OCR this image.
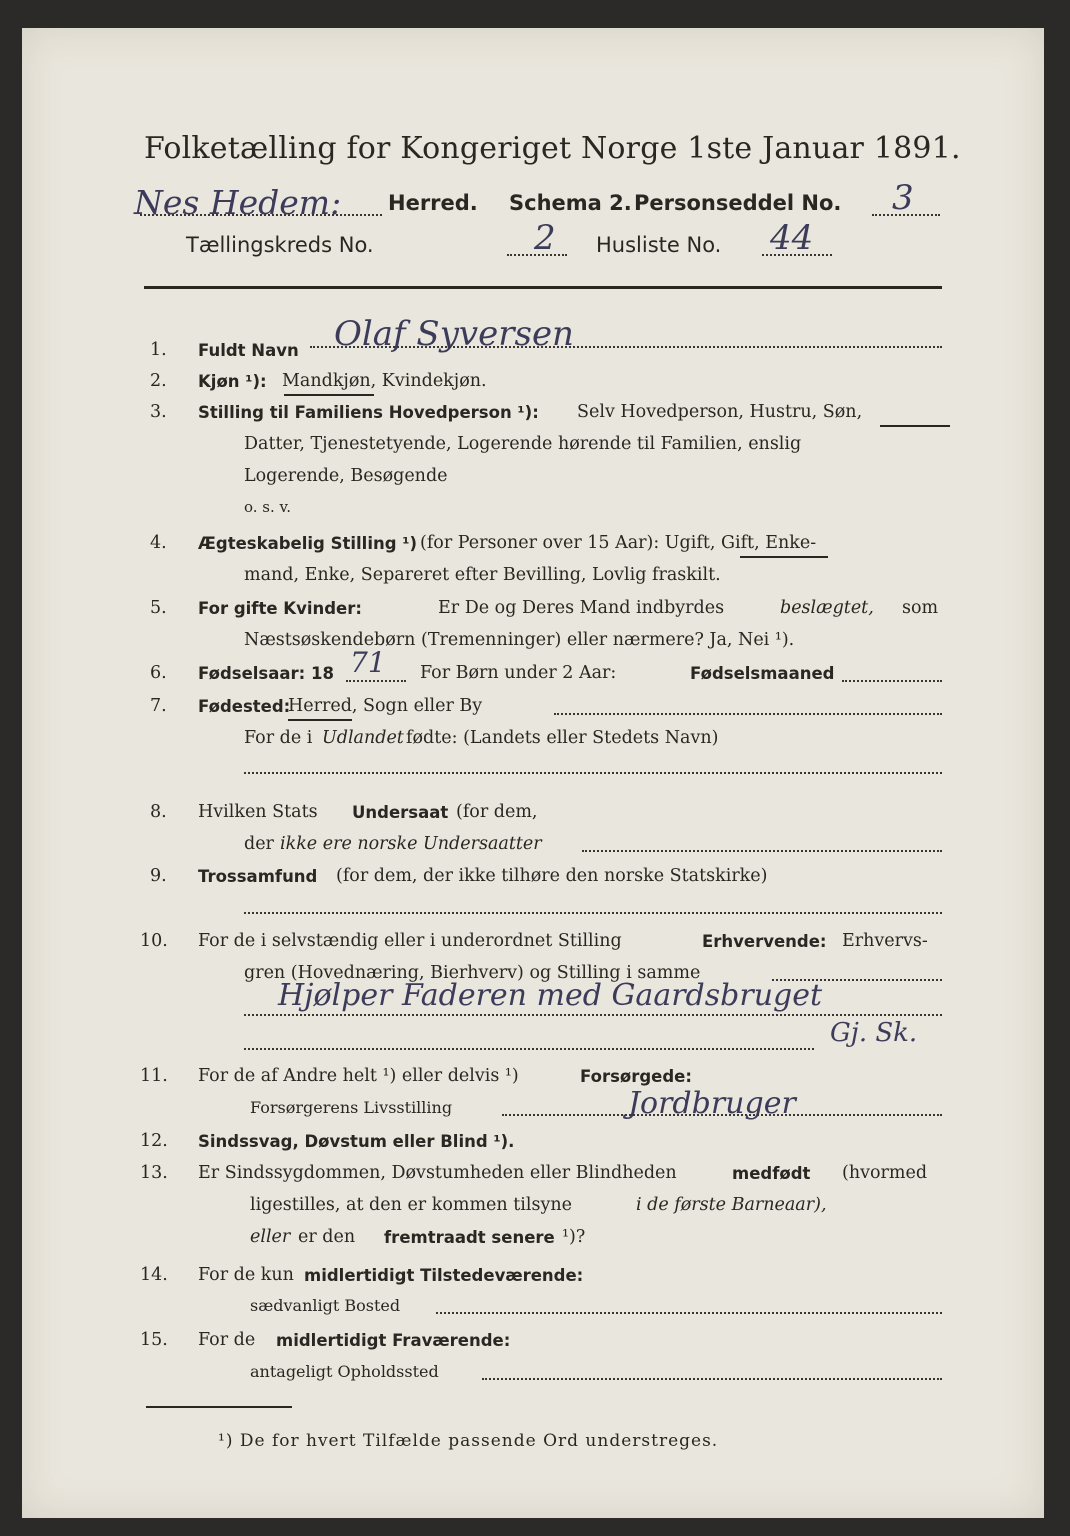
Folketælling for Kongeriget Norge 1ste Januar 1891.
Nes Hedem: Herred. Schema 2. Personseddel No. 3
Tællingskreds No.	2 Husliste No. 44
1. Fuldt Navn Olaf Syversen
2. Kjøn ¹): Mandkjøn, Kvindekjøn.
3. Stilling til Familiens Hovedperson ¹): Selv Hovedperson, Hustru, Søn,
Datter, Tjenestetyende, Logerende hørende til Familien, enslig
Logerende, Besøgende
o. s. v.
4. Ægteskabelig Stilling ¹) (for Personer over 15 Aar): Ugift, Gift, Enke-
mand, Enke, Separeret efter Bevilling, Lovlig fraskilt.
5. For gifte Kvinder:	Er De og Deres Mand indbyrdes	beslægtet, som
Næstsøskendebørn (Tremenninger) eller nærmere? Ja, Nei ¹).
6. Fødselsaar: 18 71 For Børn under 2 Aar:	Fødselsmaaned
7. Fødested:
Herred, Sogn eller By
For de i Udlandet fødte: (Landets eller Stedets Navn)
8. Hvilken Stats Undersaat (for dem,
der ikke ere norske Undersaatter
9. Trossamfund (for dem, der ikke tilhøre den norske Statskirke)
10. For de i selvstændig eller i underordnet Stilling	Erhvervende: Erhvervs-
gren (Hovednæring, Bierhverv) og Stilling i samme
Hjølper Faderen med Gaardsbruget
Gj. Sk.
11. For de af Andre helt ¹) eller delvis ¹)	Forsørgede:
Forsørgerens Livsstilling	Jordbruger
12. Sindssvag, Døvstum eller Blind ¹).
13. Er Sindssygdommen, Døvstumheden eller Blindheden	medfødt (hvormed
ligestilles, at den er kommen tilsyne	i de første Barneaar),
eller er den fremtraadt senere ¹)?
14. For de kun midlertidigt Tilstedeværende:
sædvanligt Bosted
15. For de midlertidigt Fraværende:
antageligt Opholdssted
¹) De for hvert Tilfælde passende Ord understreges.
